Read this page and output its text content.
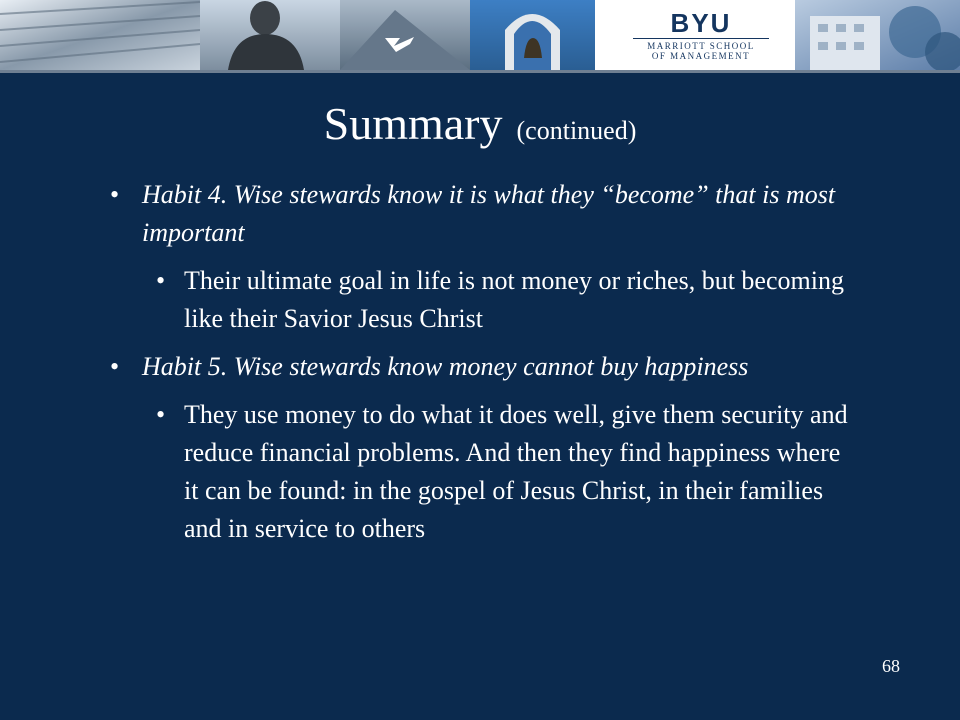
BYU
MARRIOTT SCHOOL
OF MANAGEMENT
Summary (continued)
• Habit 4. Wise stewards know it is what they “become” that is most important
• Their ultimate goal in life is not money or riches, but becoming like their Savior Jesus Christ
• Habit 5. Wise stewards know money cannot buy happiness
• They use money to do what it does well, give them security and reduce financial problems. And then they find happiness where it can be found: in the gospel of Jesus Christ, in their families and in service to others
68
